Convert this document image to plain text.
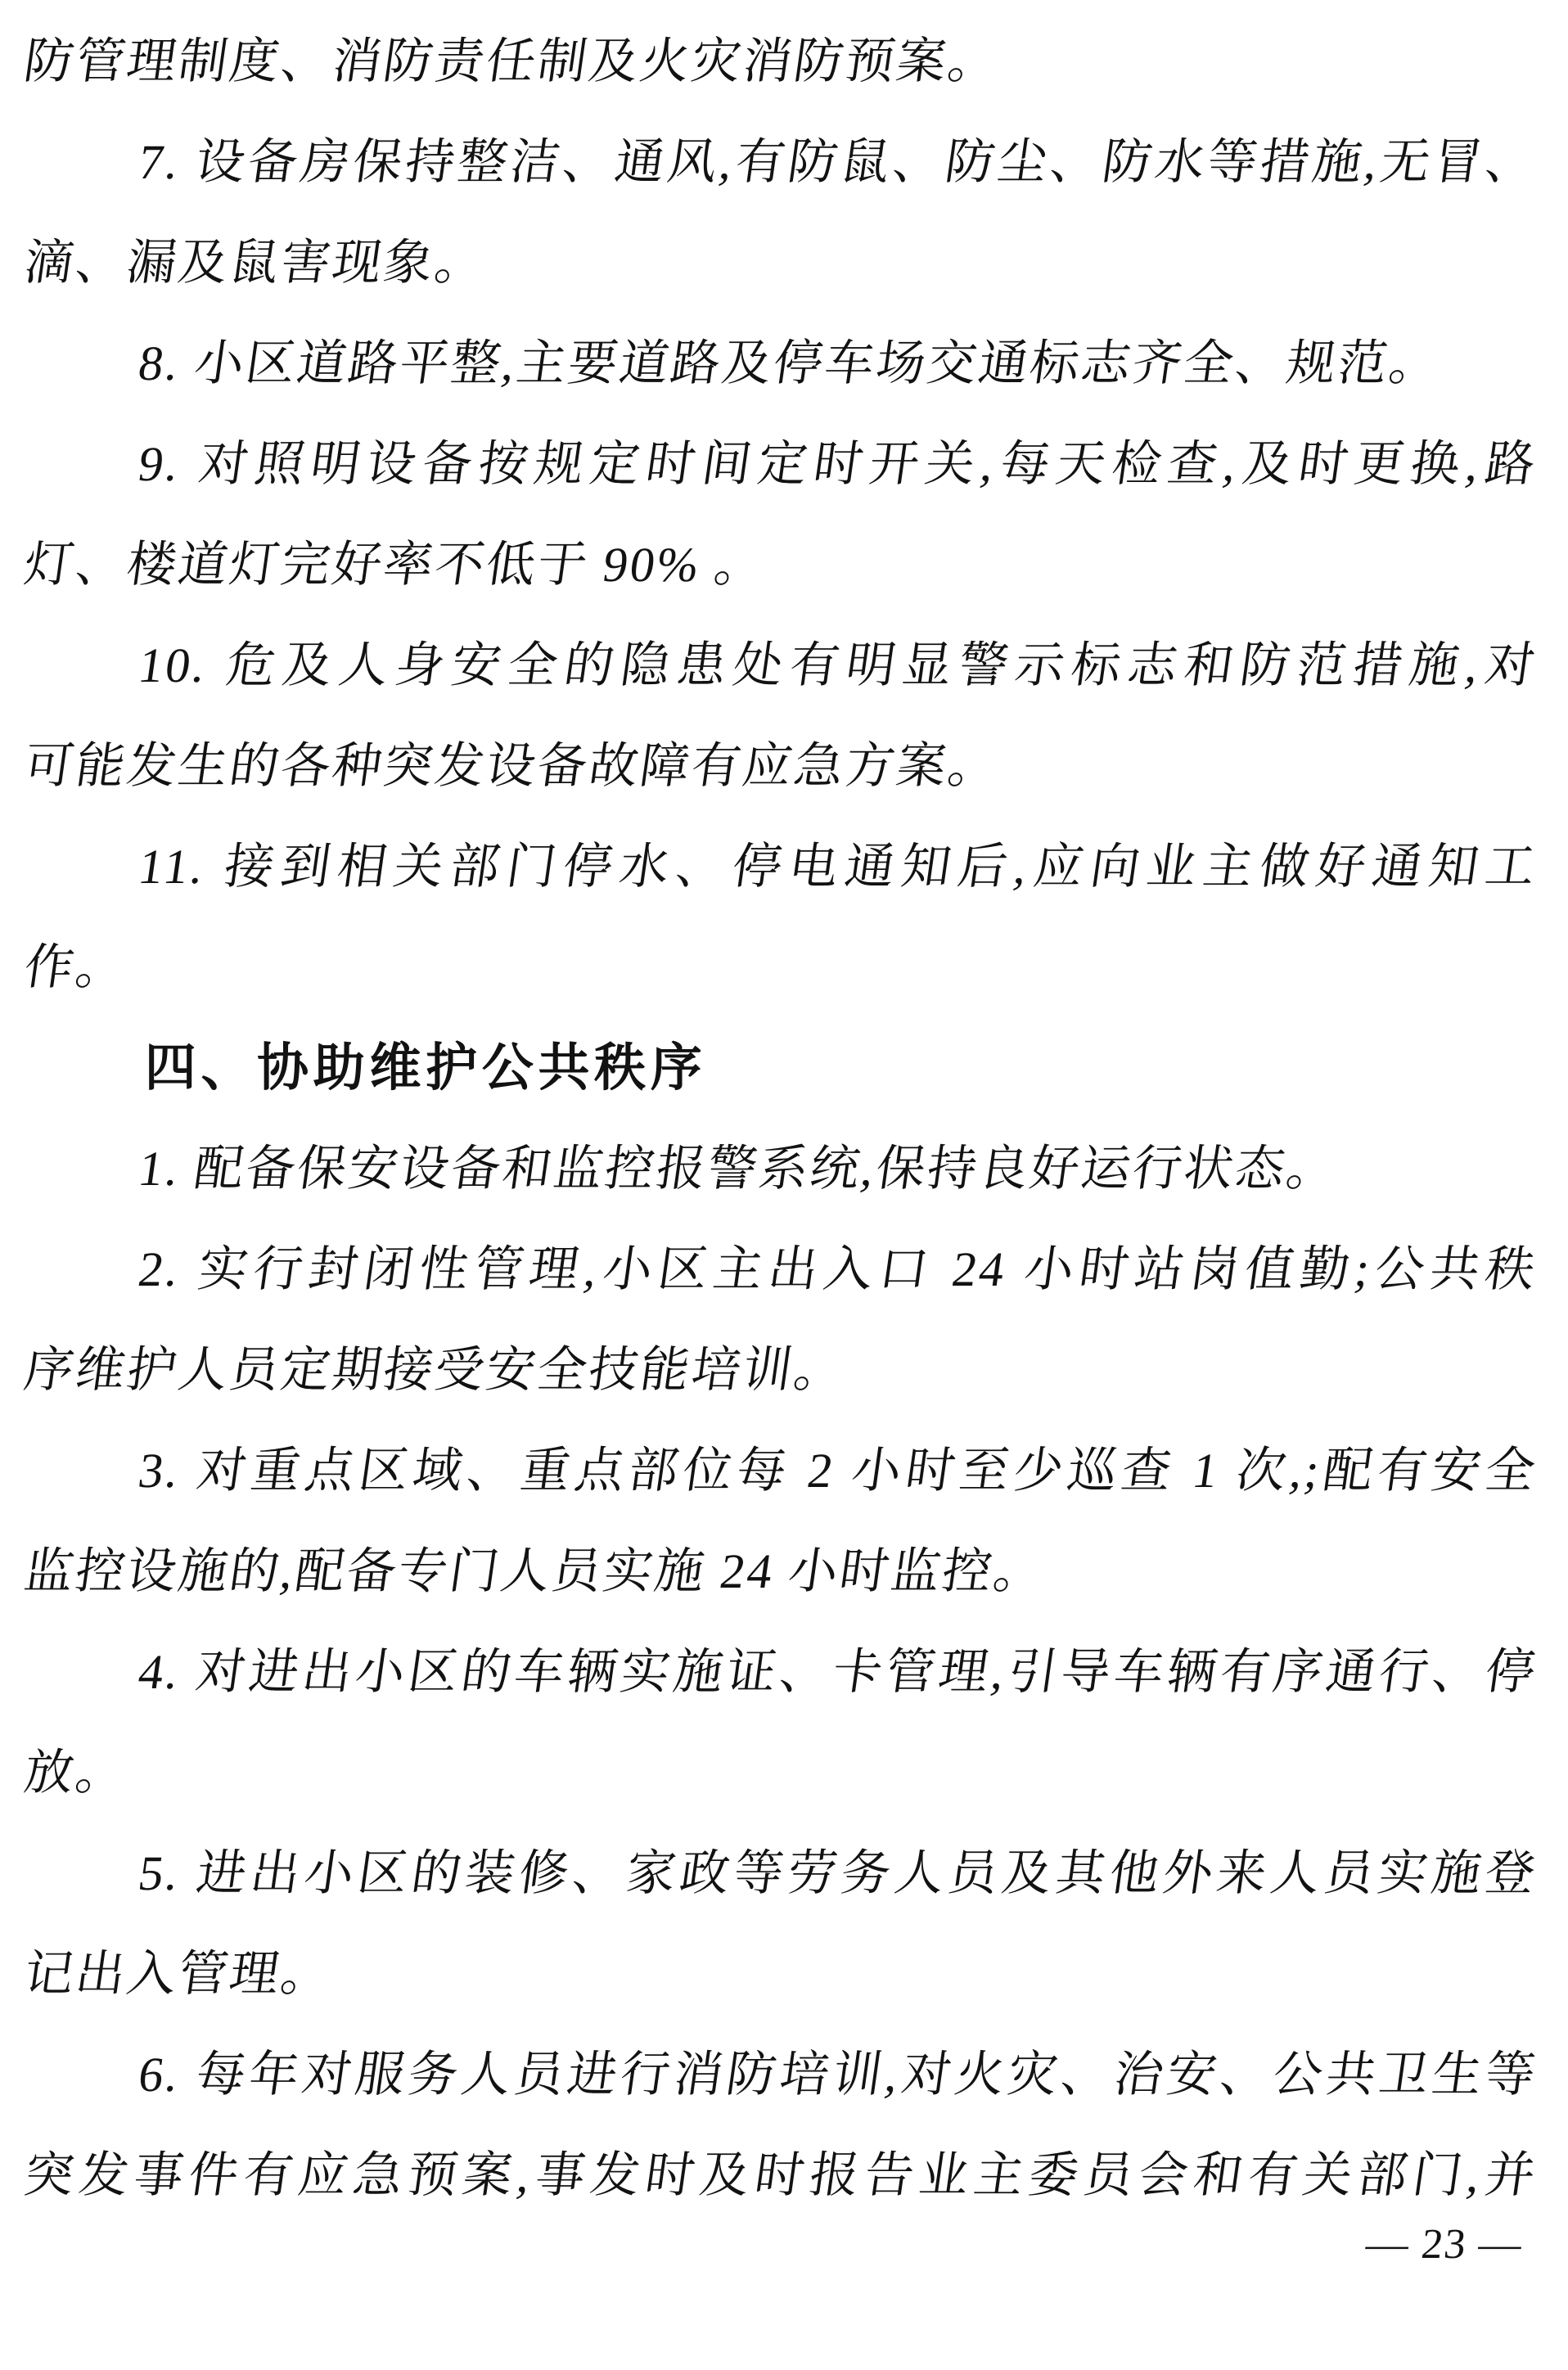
防管理制度、消防责任制及火灾消防预案。
7. 设备房保持整洁、通风,有防鼠、防尘、防水等措施,无冒、
滴、漏及鼠害现象。
8. 小区道路平整,主要道路及停车场交通标志齐全、规范。
9. 对照明设备按规定时间定时开关,每天检查,及时更换,路
灯、楼道灯完好率不低于 90% 。
10. 危及人身安全的隐患处有明显警示标志和防范措施,对
可能发生的各种突发设备故障有应急方案。
11. 接到相关部门停水、停电通知后,应向业主做好通知工
作。
四、协助维护公共秩序
1. 配备保安设备和监控报警系统,保持良好运行状态。
2. 实行封闭性管理,小区主出入口 24 小时站岗值勤;公共秩
序维护人员定期接受安全技能培训。
3. 对重点区域、重点部位每 2 小时至少巡查 1 次,;配有安全
监控设施的,配备专门人员实施 24 小时监控。
4. 对进出小区的车辆实施证、卡管理,引导车辆有序通行、停
放。
5. 进出小区的装修、家政等劳务人员及其他外来人员实施登
记出入管理。
6. 每年对服务人员进行消防培训,对火灾、治安、公共卫生等
突发事件有应急预案,事发时及时报告业主委员会和有关部门,并
— 23 —
